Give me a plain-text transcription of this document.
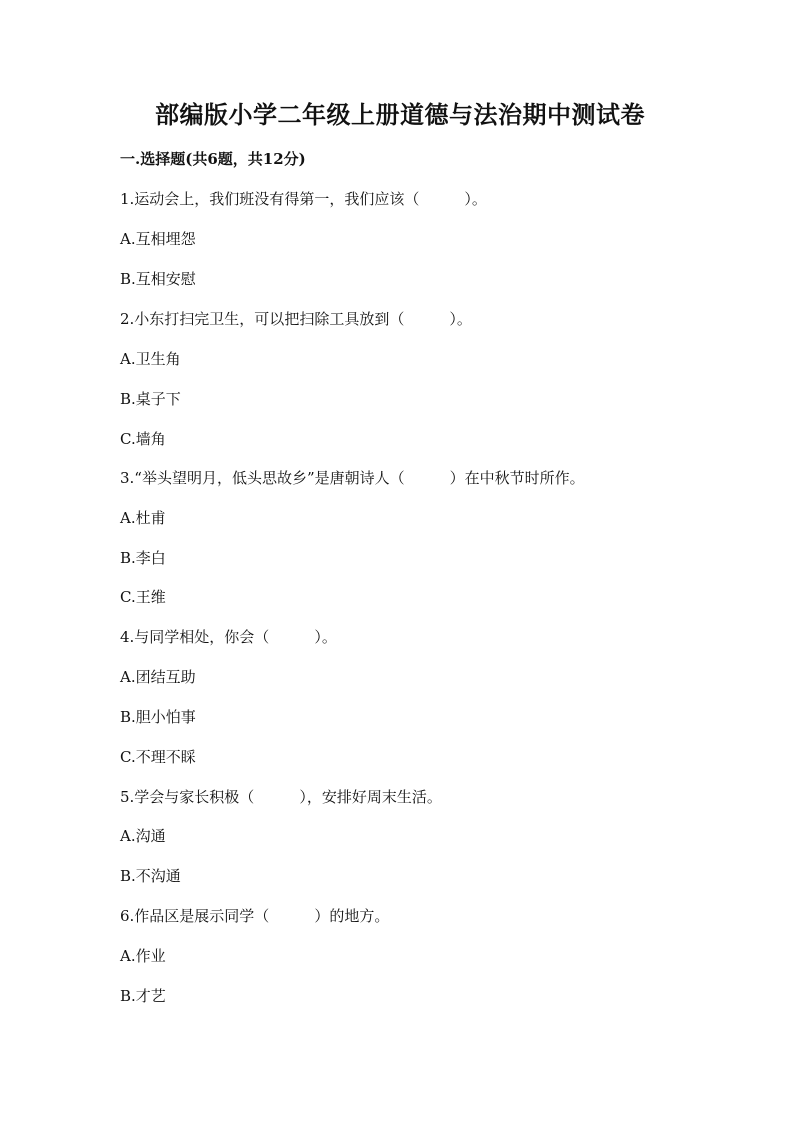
部编版小学二年级上册道德与法治期中测试卷
一.选择题(共6题，共12分)
1.运动会上，我们班没有得第一，我们应该（　　　）。
A.互相埋怨
B.互相安慰
2.小东打扫完卫生，可以把扫除工具放到（　　　）。
A.卫生角
B.桌子下
C.墙角
3.“举头望明月，低头思故乡”是唐朝诗人（　　　）在中秋节时所作。
A.杜甫
B.李白
C.王维
4.与同学相处，你会（　　　）。
A.团结互助
B.胆小怕事
C.不理不睬
5.学会与家长积极（　　　），安排好周末生活。
A.沟通
B.不沟通
6.作品区是展示同学（　　　）的地方。
A.作业
B.才艺
